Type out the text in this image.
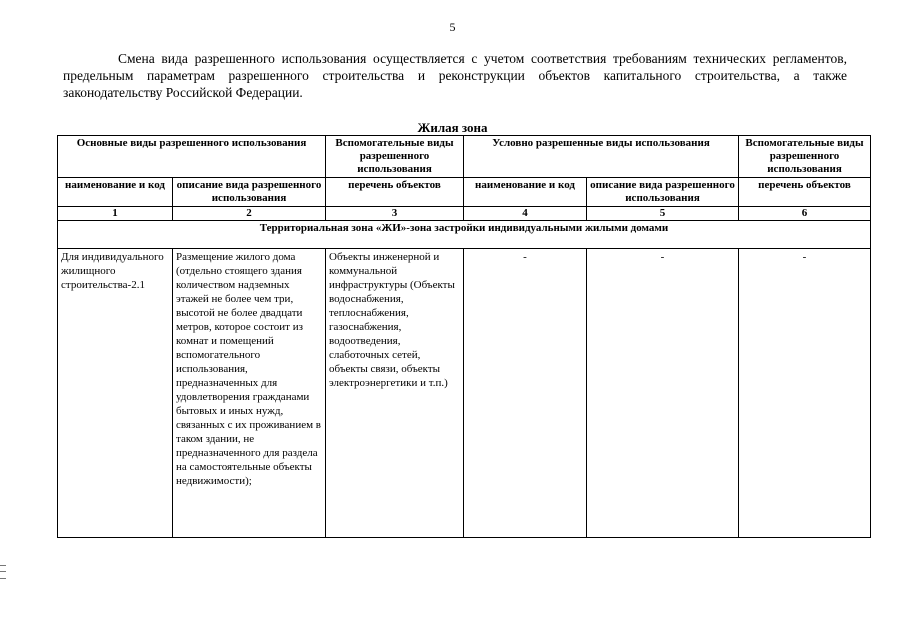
5

Смена вида разрешенного использования осуществляется с учетом соответствия требованиям технических регламентов, предельным параметрам разрешенного строительства и реконструкции объектов капитального строительства, а также законодательству Российской Федерации.

Жилая зона
Основные виды разрешенного использования		Вспомогательные виды разрешенного использования	Условно разрешенные виды использования		Вспомогательные виды разрешенного использования
наименование и код	описание вида разрешенного использования	перечень объектов	наименование и код	описание вида разрешенного использования	перечень объектов
1	2	3	4	5	6
Территориальная зона «ЖИ»-зона застройки индивидуальными жилыми домами					
Для индивидуального жилищного строительства-2.1	Размещение жилого дома (отдельно стоящего здания количеством надземных этажей не более чем три, высотой не более двадцати метров, которое состоит из комнат и помещений вспомогательного использования, предназначенных для удовлетворения гражданами бытовых и иных нужд, связанных с их проживанием в таком здании, не предназначенного для раздела на самостоятельные объекты недвижимости);	Объекты инженерной и коммунальной инфраструктуры (Объекты водоснабжения, теплоснабжения, газоснабжения, водоотведения, слаботочных сетей, объекты связи, объекты электроэнергетики и т.п.)	-	-	-
